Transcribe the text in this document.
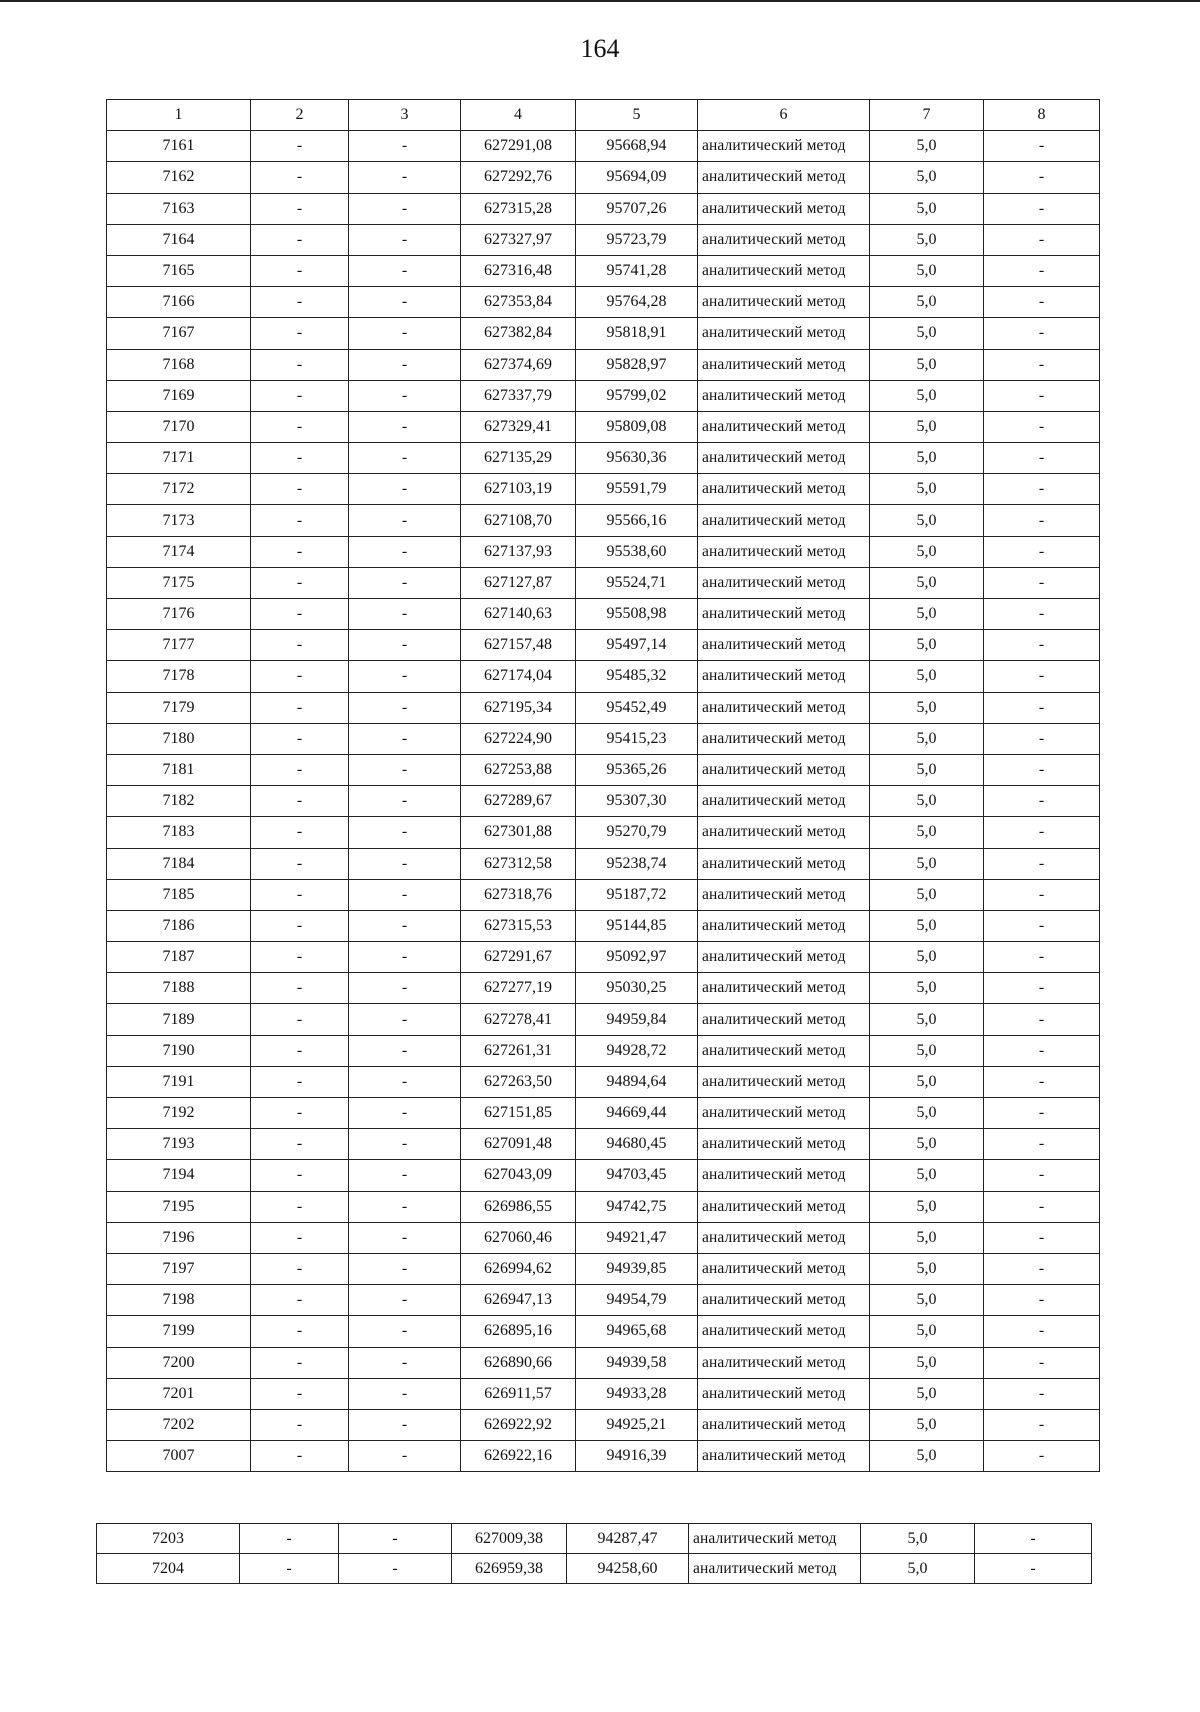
164
1	2	3	4	5	6	7	8
7161	-	-	627291,08	95668,94	аналитический метод	5,0	-
7162	-	-	627292,76	95694,09	аналитический метод	5,0	-
7163	-	-	627315,28	95707,26	аналитический метод	5,0	-
7164	-	-	627327,97	95723,79	аналитический метод	5,0	-
7165	-	-	627316,48	95741,28	аналитический метод	5,0	-
7166	-	-	627353,84	95764,28	аналитический метод	5,0	-
7167	-	-	627382,84	95818,91	аналитический метод	5,0	-
7168	-	-	627374,69	95828,97	аналитический метод	5,0	-
7169	-	-	627337,79	95799,02	аналитический метод	5,0	-
7170	-	-	627329,41	95809,08	аналитический метод	5,0	-
7171	-	-	627135,29	95630,36	аналитический метод	5,0	-
7172	-	-	627103,19	95591,79	аналитический метод	5,0	-
7173	-	-	627108,70	95566,16	аналитический метод	5,0	-
7174	-	-	627137,93	95538,60	аналитический метод	5,0	-
7175	-	-	627127,87	95524,71	аналитический метод	5,0	-
7176	-	-	627140,63	95508,98	аналитический метод	5,0	-
7177	-	-	627157,48	95497,14	аналитический метод	5,0	-
7178	-	-	627174,04	95485,32	аналитический метод	5,0	-
7179	-	-	627195,34	95452,49	аналитический метод	5,0	-
7180	-	-	627224,90	95415,23	аналитический метод	5,0	-
7181	-	-	627253,88	95365,26	аналитический метод	5,0	-
7182	-	-	627289,67	95307,30	аналитический метод	5,0	-
7183	-	-	627301,88	95270,79	аналитический метод	5,0	-
7184	-	-	627312,58	95238,74	аналитический метод	5,0	-
7185	-	-	627318,76	95187,72	аналитический метод	5,0	-
7186	-	-	627315,53	95144,85	аналитический метод	5,0	-
7187	-	-	627291,67	95092,97	аналитический метод	5,0	-
7188	-	-	627277,19	95030,25	аналитический метод	5,0	-
7189	-	-	627278,41	94959,84	аналитический метод	5,0	-
7190	-	-	627261,31	94928,72	аналитический метод	5,0	-
7191	-	-	627263,50	94894,64	аналитический метод	5,0	-
7192	-	-	627151,85	94669,44	аналитический метод	5,0	-
7193	-	-	627091,48	94680,45	аналитический метод	5,0	-
7194	-	-	627043,09	94703,45	аналитический метод	5,0	-
7195	-	-	626986,55	94742,75	аналитический метод	5,0	-
7196	-	-	627060,46	94921,47	аналитический метод	5,0	-
7197	-	-	626994,62	94939,85	аналитический метод	5,0	-
7198	-	-	626947,13	94954,79	аналитический метод	5,0	-
7199	-	-	626895,16	94965,68	аналитический метод	5,0	-
7200	-	-	626890,66	94939,58	аналитический метод	5,0	-
7201	-	-	626911,57	94933,28	аналитический метод	5,0	-
7202	-	-	626922,92	94925,21	аналитический метод	5,0	-
7007	-	-	626922,16	94916,39	аналитический метод	5,0	-
7203	-	-	627009,38	94287,47	аналитический метод	5,0	-
7204	-	-	626959,38	94258,60	аналитический метод	5,0	-
